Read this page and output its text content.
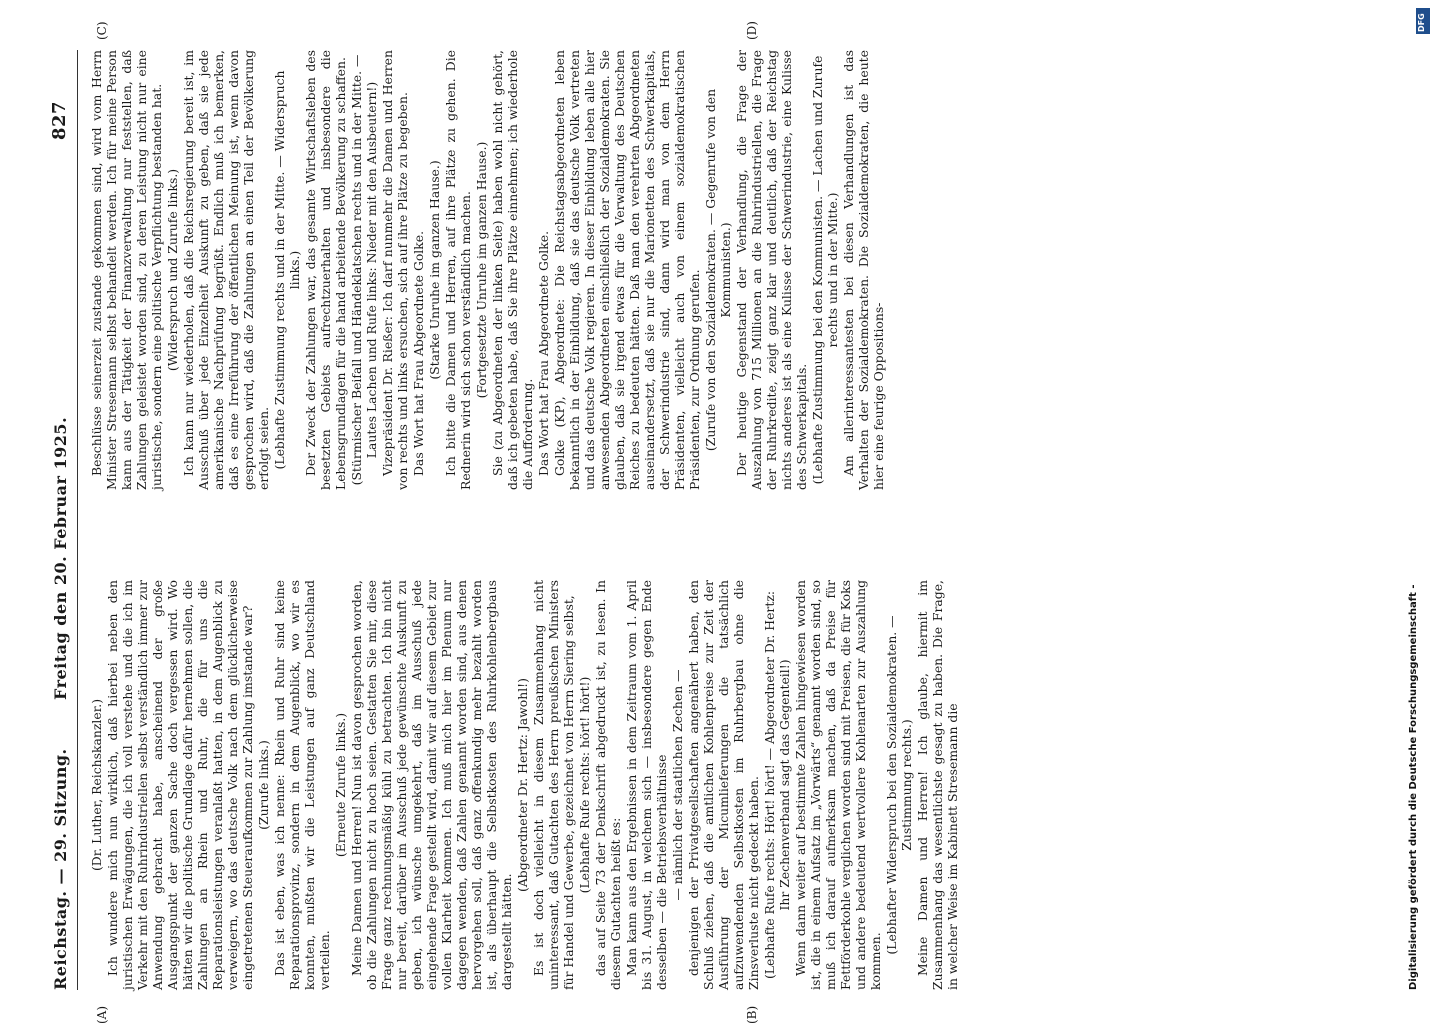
Reichstag. — 29. Sitzung.
Freitag den 20. Februar 1925.
827
(A)	(B)
(C)	(D)

(Dr. Luther, Reichskanzler.) Ich wundere mich nun wirklich, daß hierbei neben den juristischen Erwägungen, die ich voll verstehe und die ich im Verkehr mit den Ruhrindustriellen selbst verständlich immer zur Anwendung gebracht habe, anscheinend der große Ausgangspunkt der ganzen Sache doch vergessen wird. Wo hätten wir die politische Grundlage dafür hernehmen sollen, die Zahlungen an Rhein und Ruhr, die für uns die Reparationsleistungen veranlaßt hatten, in dem Augenblick zu verweigern, wo das deutsche Volk nach dem glücklicherweise eingetretenen Steueraufkommen zur Zahlung imstande war? (Zurufe links.) Das ist eben, was ich nenne: Rhein und Ruhr sind keine Reparationsprovinz, sondern in dem Augenblick, wo wir es konnten, mußten wir die Leistungen auf ganz Deutschland verteilen.

(Erneute Zurufe links.) Meine Damen und Herren! Nun ist davon gesprochen worden, ob die Zahlungen nicht zu hoch seien. Gestatten Sie mir, diese Frage ganz rechnungsmäßig kühl zu betrachten. Ich bin nicht nur bereit, darüber im Ausschuß jede gewünschte Auskunft zu geben, ich wünsche umgekehrt, daß im Ausschuß jede eingehende Frage gestellt wird, damit wir auf diesem Gebiet zur vollen Klarheit kommen. Ich muß mich hier im Plenum nur dagegen wenden, daß Zahlen genannt worden sind, aus denen hervorgehen soll, daß ganz offenkundig mehr bezahlt worden ist, als überhaupt die Selbstkosten des Ruhrkohlenbergbaus dargestellt hätten.

(Abgeordneter Dr. Hertz: Jawohl!) Es ist doch vielleicht in diesem Zusammenhang nicht uninteressant, daß Gutachten des Herrn preußischen Ministers für Handel und Gewerbe, gezeichnet von Herrn Siering selbst, (Lebhafte Rufe rechts: hört! hört!) das auf Seite 73 der Denkschrift abgedruckt ist, zu lesen. In diesem Gutachten heißt es: Man kann aus den Ergebnissen in dem Zeitraum vom 1. April bis 31. August, in welchem sich — insbesondere gegen Ende desselben — die Betriebsverhältnisse — nämlich der staatlichen Zechen — denjenigen der Privatgesellschaften angenähert haben, den Schluß ziehen, daß die amtlichen Kohlenpreise zur Zeit der Ausführung der Micumlieferungen die tatsächlich aufzuwendenden Selbstkosten im Ruhrbergbau ohne die Zinsverluste nicht gedeckt haben. (Lebhafte Rufe rechts: Hört! hört! — Abgeordneter Dr. Hertz: Ihr Zechenverband sagt das Gegenteil!) Wenn dann weiter auf bestimmte Zahlen hingewiesen worden ist, die in einem Aufsatz im „Vorwärts“ genannt worden sind, so muß ich darauf aufmerksam machen, daß da Preise für Fettförderkohle verglichen worden sind mit Preisen, die für Koks und andere bedeutend wertvollere Kohlenarten zur Auszahlung kommen.

(Lebhafter Widerspruch bei den Sozialdemokraten. — Zustimmung rechts.) Meine Damen und Herren! Ich glaube, hiermit im Zusammenhang das wesentlichste gesagt zu haben. Die Frage, in welcher Weise im Kabinett Stresemann die

Beschlüsse seinerzeit zustande gekommen sind, wird vom Herrn Minister Stresemann selbst behandelt werden. Ich für meine Person kann aus der Tätigkeit der Finanzverwaltung nur feststellen, daß Zahlungen geleistet worden sind, zu deren Leistung nicht nur eine juristische, sondern eine politische Verpflichtung bestanden hat. (Widerspruch und Zurufe links.) Ich kann nur wiederholen, daß die Reichsregierung bereit ist, im Ausschuß über jede Einzelheit Auskunft zu geben, daß sie jede amerikanische Nachprüfung begrüßt. Endlich muß ich bemerken, daß es eine Irreführung der öffentlichen Meinung ist, wenn davon gesprochen wird, daß die Zahlungen an einen Teil der Bevölkerung erfolgt seien. (Lebhafte Zustimmung rechts und in der Mitte. — Widerspruch links.) Der Zweck der Zahlungen war, das gesamte Wirtschaftsleben des besetzten Gebiets aufrechtzuerhalten und insbesondere die Lebensgrundlagen für die hand arbeitende Bevölkerung zu schaffen. (Stürmischer Beifall und Händeklatschen rechts und in der Mitte. — Lautes Lachen und Rufe links: Nieder mit den Ausbeutern!) Vizepräsident Dr. Rießer: Ich darf nunmehr die Damen und Herren von rechts und links ersuchen, sich auf ihre Plätze zu begeben. Das Wort hat Frau Abgeordnete Golke. (Starke Unruhe im ganzen Hause.) Ich bitte die Damen und Herren, auf ihre Plätze zu gehen. Die Rednerin wird sich schon verständlich machen. (Fortgesetzte Unruhe im ganzen Hause.) Sie (zu Abgeordneten der linken Seite) haben wohl nicht gehört, daß ich gebeten habe, daß Sie ihre Plätze einnehmen; ich wiederhole die Aufforderung. Das Wort hat Frau Abgeordnete Golke. Golke (KP), Abgeordnete: Die Reichstagsabgeordneten leben bekanntlich in der Einbildung, daß sie das deutsche Volk vertreten und das deutsche Volk regieren. In dieser Einbildung leben alle hier anwesenden Abgeordneten einschließlich der Sozialdemokraten. Sie glauben, daß sie irgend etwas für die Verwaltung des Deutschen Reiches zu bedeuten hätten. Daß man den verehrten Abgeordneten auseinandersetzt, daß sie nur die Marionetten des Schwerkapitals, der Schwerindustrie sind, dann wird man von dem Herrn Präsidenten, vielleicht auch von einem sozialdemokratischen Präsidenten, zur Ordnung gerufen. (Zurufe von den Sozialdemokraten. — Gegenrufe von den Kommunisten.) Der heutige Gegenstand der Verhandlung, die Frage der Auszahlung von 715 Millionen an die Ruhrindustriellen, die Frage der Ruhrkredite, zeigt ganz klar und deutlich, daß der Reichstag nichts anderes ist als eine Kulisse der Schwerindustrie, eine Kulisse des Schwerkapitals. (Lebhafte Zustimmung bei den Kommunisten. — Lachen und Zurufe rechts und in der Mitte.) Am allerinteressantesten bei diesen Verhandlungen ist das Verhalten der Sozialdemokraten. Die Sozialdemokraten, die heute hier eine feurige Oppositions-

Digitalisierung gefördert durch die Deutsche Forschungsgemeinschaft -
DFG
